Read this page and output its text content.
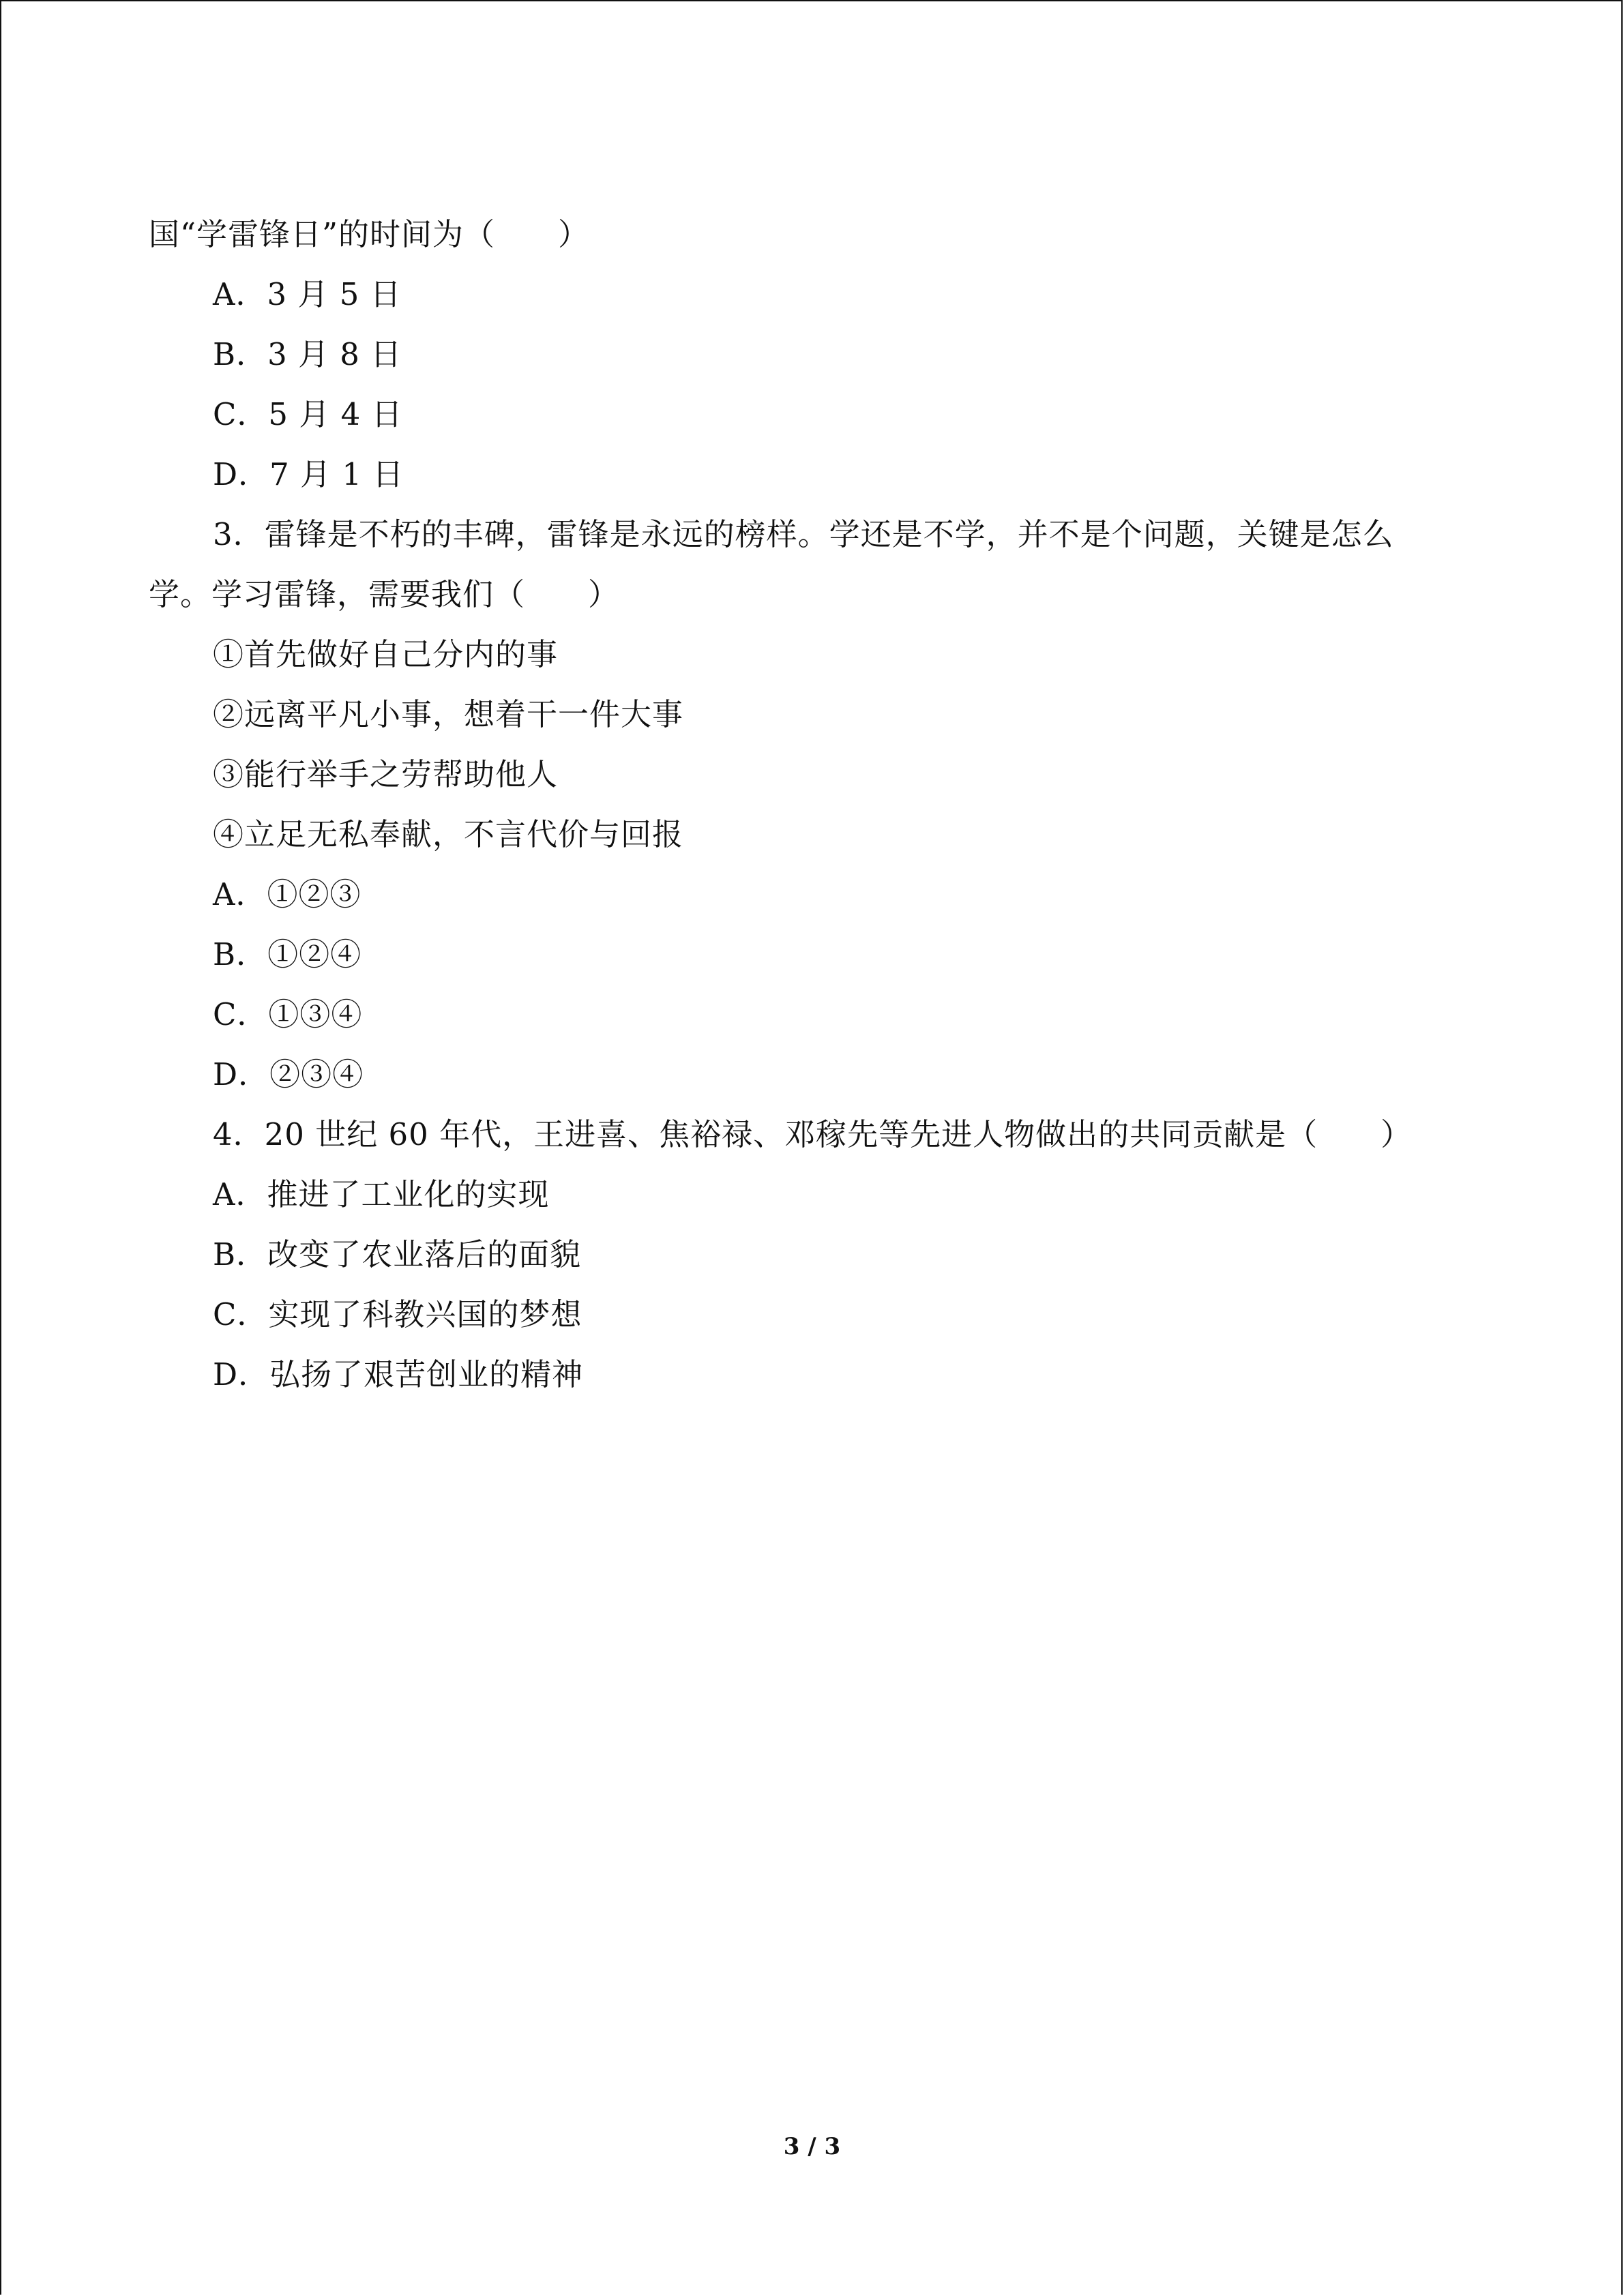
国“学雷锋日”的时间为（　　）
A．3 月 5 日
B．3 月 8 日
C．5 月 4 日
D．7 月 1 日
3．雷锋是不朽的丰碑，雷锋是永远的榜样。学还是不学，并不是个问题，关键是怎么
学。学习雷锋，需要我们（　　）
①首先做好自己分内的事
②远离平凡小事，想着干一件大事
③能行举手之劳帮助他人
④立足无私奉献，不言代价与回报
A．①②③
B．①②④
C．①③④
D．②③④
4．20 世纪 60 年代，王进喜、焦裕禄、邓稼先等先进人物做出的共同贡献是（　　）
A．推进了工业化的实现
B．改变了农业落后的面貌
C．实现了科教兴国的梦想
D．弘扬了艰苦创业的精神
3 / 3
